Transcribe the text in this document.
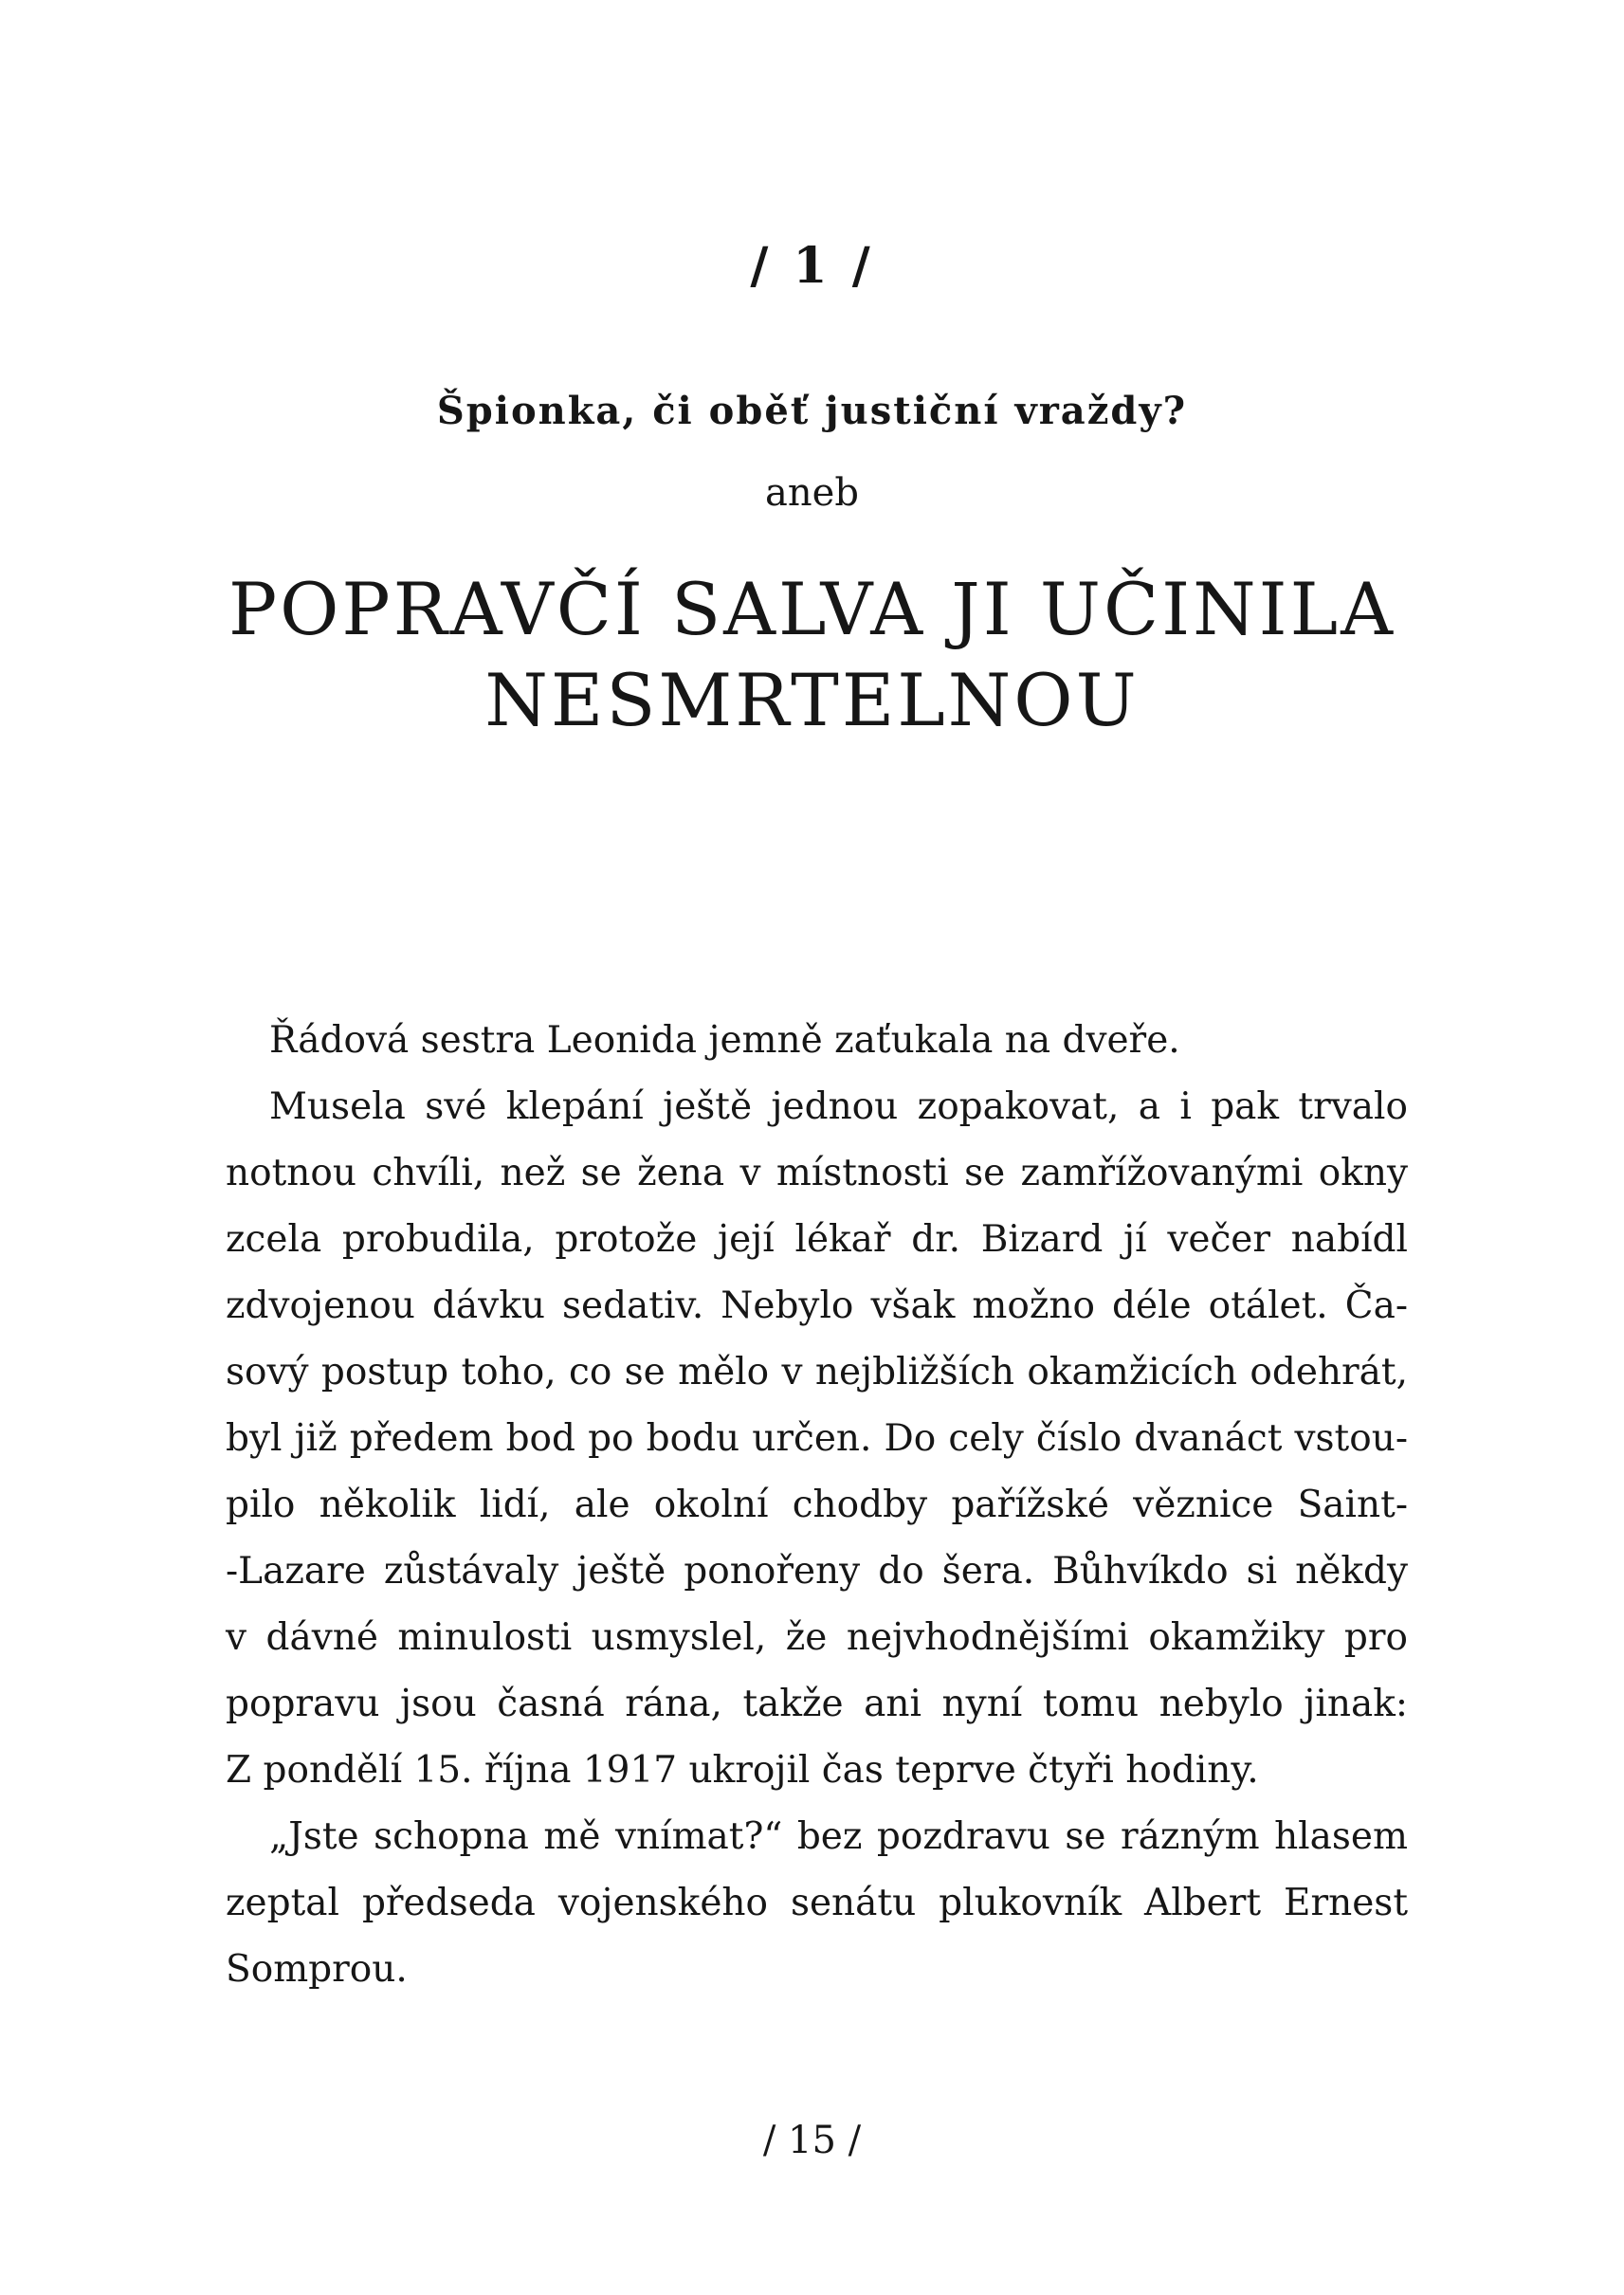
/ 1 /
Špionka, či oběť justiční vraždy?
aneb
POPRAVČÍ SALVA JI UČINILA
NESMRTELNOU

Řádová sestra Leonida jemně zaťukala na dveře.

Musela své klepání ještě jednou zopakovat, a i pak trvalo
notnou chvíli, než se žena v místnosti se zamřížovanými okny
zcela probudila, protože její lékař dr. Bizard jí večer nabídl
zdvojenou dávku sedativ. Nebylo však možno déle otálet. Ča-
sový postup toho, co se mělo v nejbližších okamžicích odehrát,
byl již předem bod po bodu určen. Do cely číslo dvanáct vstou-
pilo několik lidí, ale okolní chodby pařížské věznice Saint-
-Lazare zůstávaly ještě ponořeny do šera. Bůhvíkdo si někdy
v dávné minulosti usmyslel, že nejvhodnějšími okamžiky pro
popravu jsou časná rána, takže ani nyní tomu nebylo jinak:
Z pondělí 15. října 1917 ukrojil čas teprve čtyři hodiny.

„Jste schopna mě vnímat?“ bez pozdravu se rázným hlasem
zeptal předseda vojenského senátu plukovník Albert Ernest
Somprou.

/ 15 /
